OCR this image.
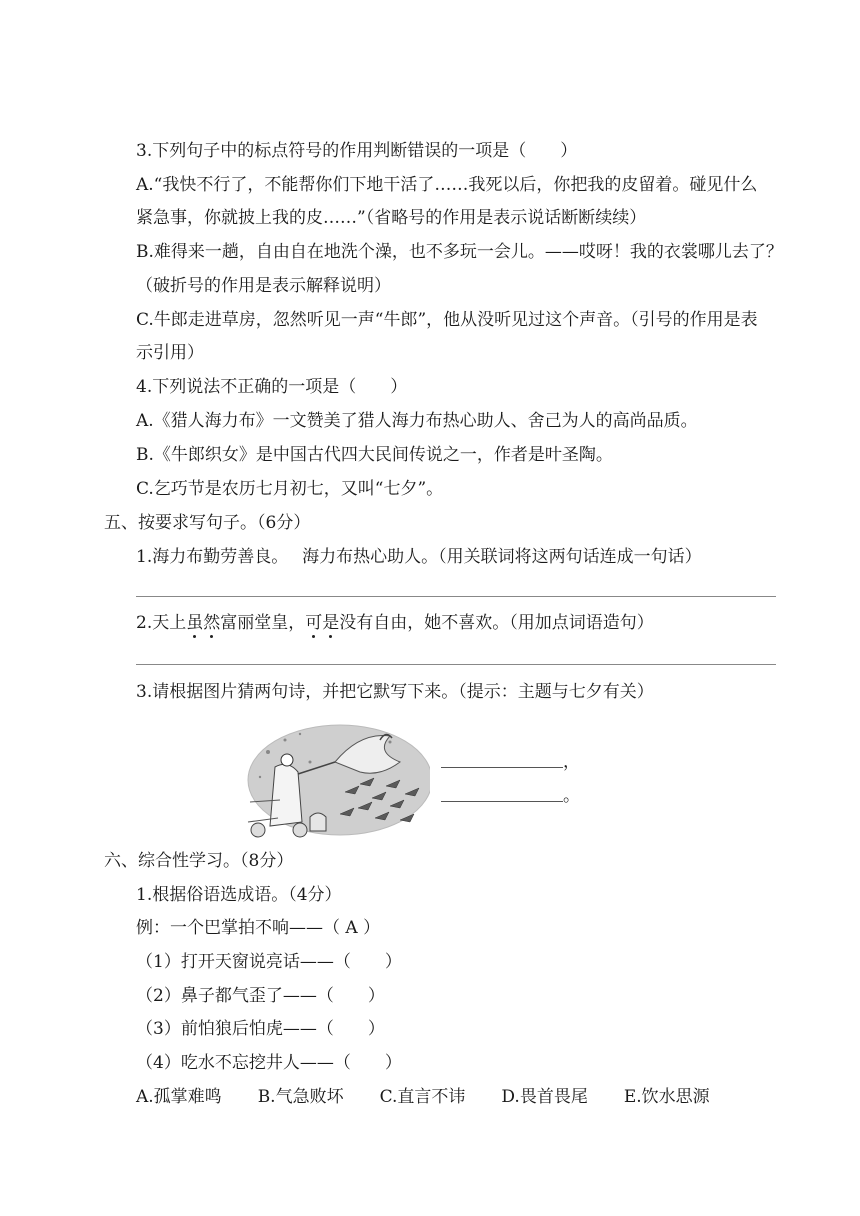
3.下列句子中的标点符号的作用判断错误的一项是（　　）
A.“我快不行了，不能帮你们下地干活了……我死以后，你把我的皮留着。碰见什么
紧急事，你就披上我的皮……”（省略号的作用是表示说话断断续续）
B.难得来一趟，自由自在地洗个澡，也不多玩一会儿。——哎呀！我的衣裳哪儿去了？
（破折号的作用是表示解释说明）
C.牛郎走进草房，忽然听见一声“牛郎”，他从没听见过这个声音。（引号的作用是表
示引用）
4.下列说法不正确的一项是（　　）
A.《猎人海力布》一文赞美了猎人海力布热心助人、舍己为人的高尚品质。
B.《牛郎织女》是中国古代四大民间传说之一，作者是叶圣陶。
C.乞巧节是农历七月初七，又叫“七夕”。
五、按要求写句子。（6分）
1.海力布勤劳善良。　 海力布热心助人。（用关联词将这两句话连成一句话）
2.天上虽然富丽堂皇，可是没有自由，她不喜欢。（用加点词语造句）
3.请根据图片猜两句诗，并把它默写下来。（提示：主题与七夕有关）
，
。
六、综合性学习。（8分）
1.根据俗语选成语。（4分）
例：一个巴掌拍不响——（ A ）
（1）打开天窗说亮话——（　　）
（2）鼻子都气歪了——（　　）
（3）前怕狼后怕虎——（　　）
（4）吃水不忘挖井人——（　　）
A.孤掌难鸣 B.气急败坏 C.直言不讳 D.畏首畏尾 E.饮水思源
